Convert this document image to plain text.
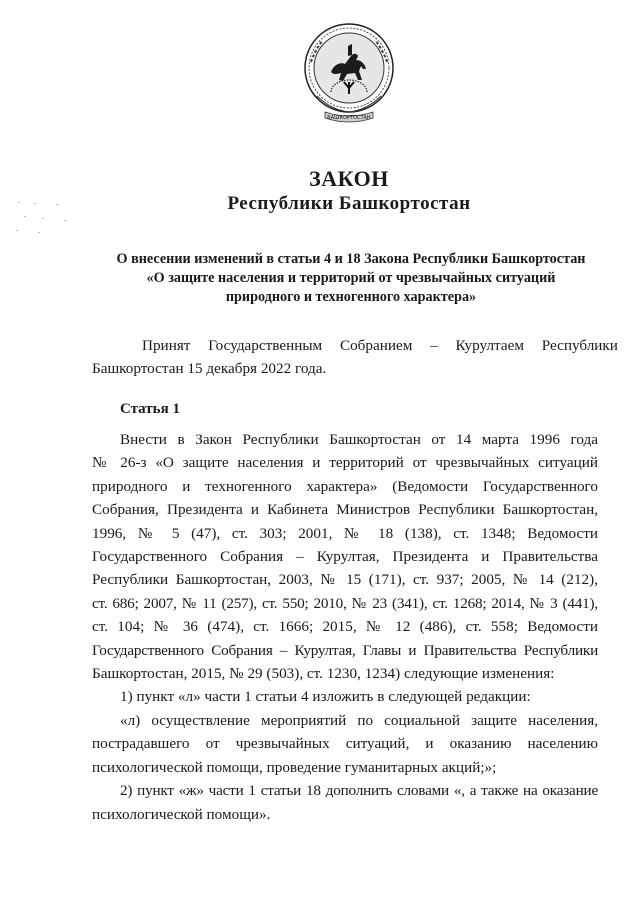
БАШКОРТОСТАН
ЗАКОН
Республики Башкортостан
О внесении изменений в статьи 4 и 18 Закона Республики Башкортостан
«О защите населения и территорий от чрезвычайных ситуаций
природного и техногенного характера»
Принят Государственным Собранием – Курултаем Республики
Башкортостан 15 декабря 2022 года.
Статья 1
Внести в Закон Республики Башкортостан от 14 марта 1996 года
№ 26-з «О защите населения и территорий от чрезвычайных ситуаций
природного и техногенного характера» (Ведомости Государственного
Собрания, Президента и Кабинета Министров Республики Башкортостан,
1996, № 5 (47), ст. 303; 2001, № 18 (138), ст. 1348; Ведомости
Государственного Собрания – Курултая, Президента и Правительства
Республики Башкортостан, 2003, № 15 (171), ст. 937; 2005, № 14 (212),
ст. 686; 2007, № 11 (257), ст. 550; 2010, № 23 (341), ст. 1268; 2014, № 3 (441),
ст. 104; № 36 (474), ст. 1666; 2015, № 12 (486), ст. 558; Ведомости
Государственного Собрания – Курултая, Главы и Правительства Республики
Башкортостан, 2015, № 29 (503), ст. 1230, 1234) следующие изменения:
1) пункт «л» части 1 статьи 4 изложить в следующей редакции:
«л) осуществление мероприятий по социальной защите населения,
пострадавшего от чрезвычайных ситуаций, и оказанию населению
психологической помощи, проведение гуманитарных акций;»;
2) пункт «ж» части 1 статьи 18 дополнить словами «, а также на оказание
психологической помощи».
